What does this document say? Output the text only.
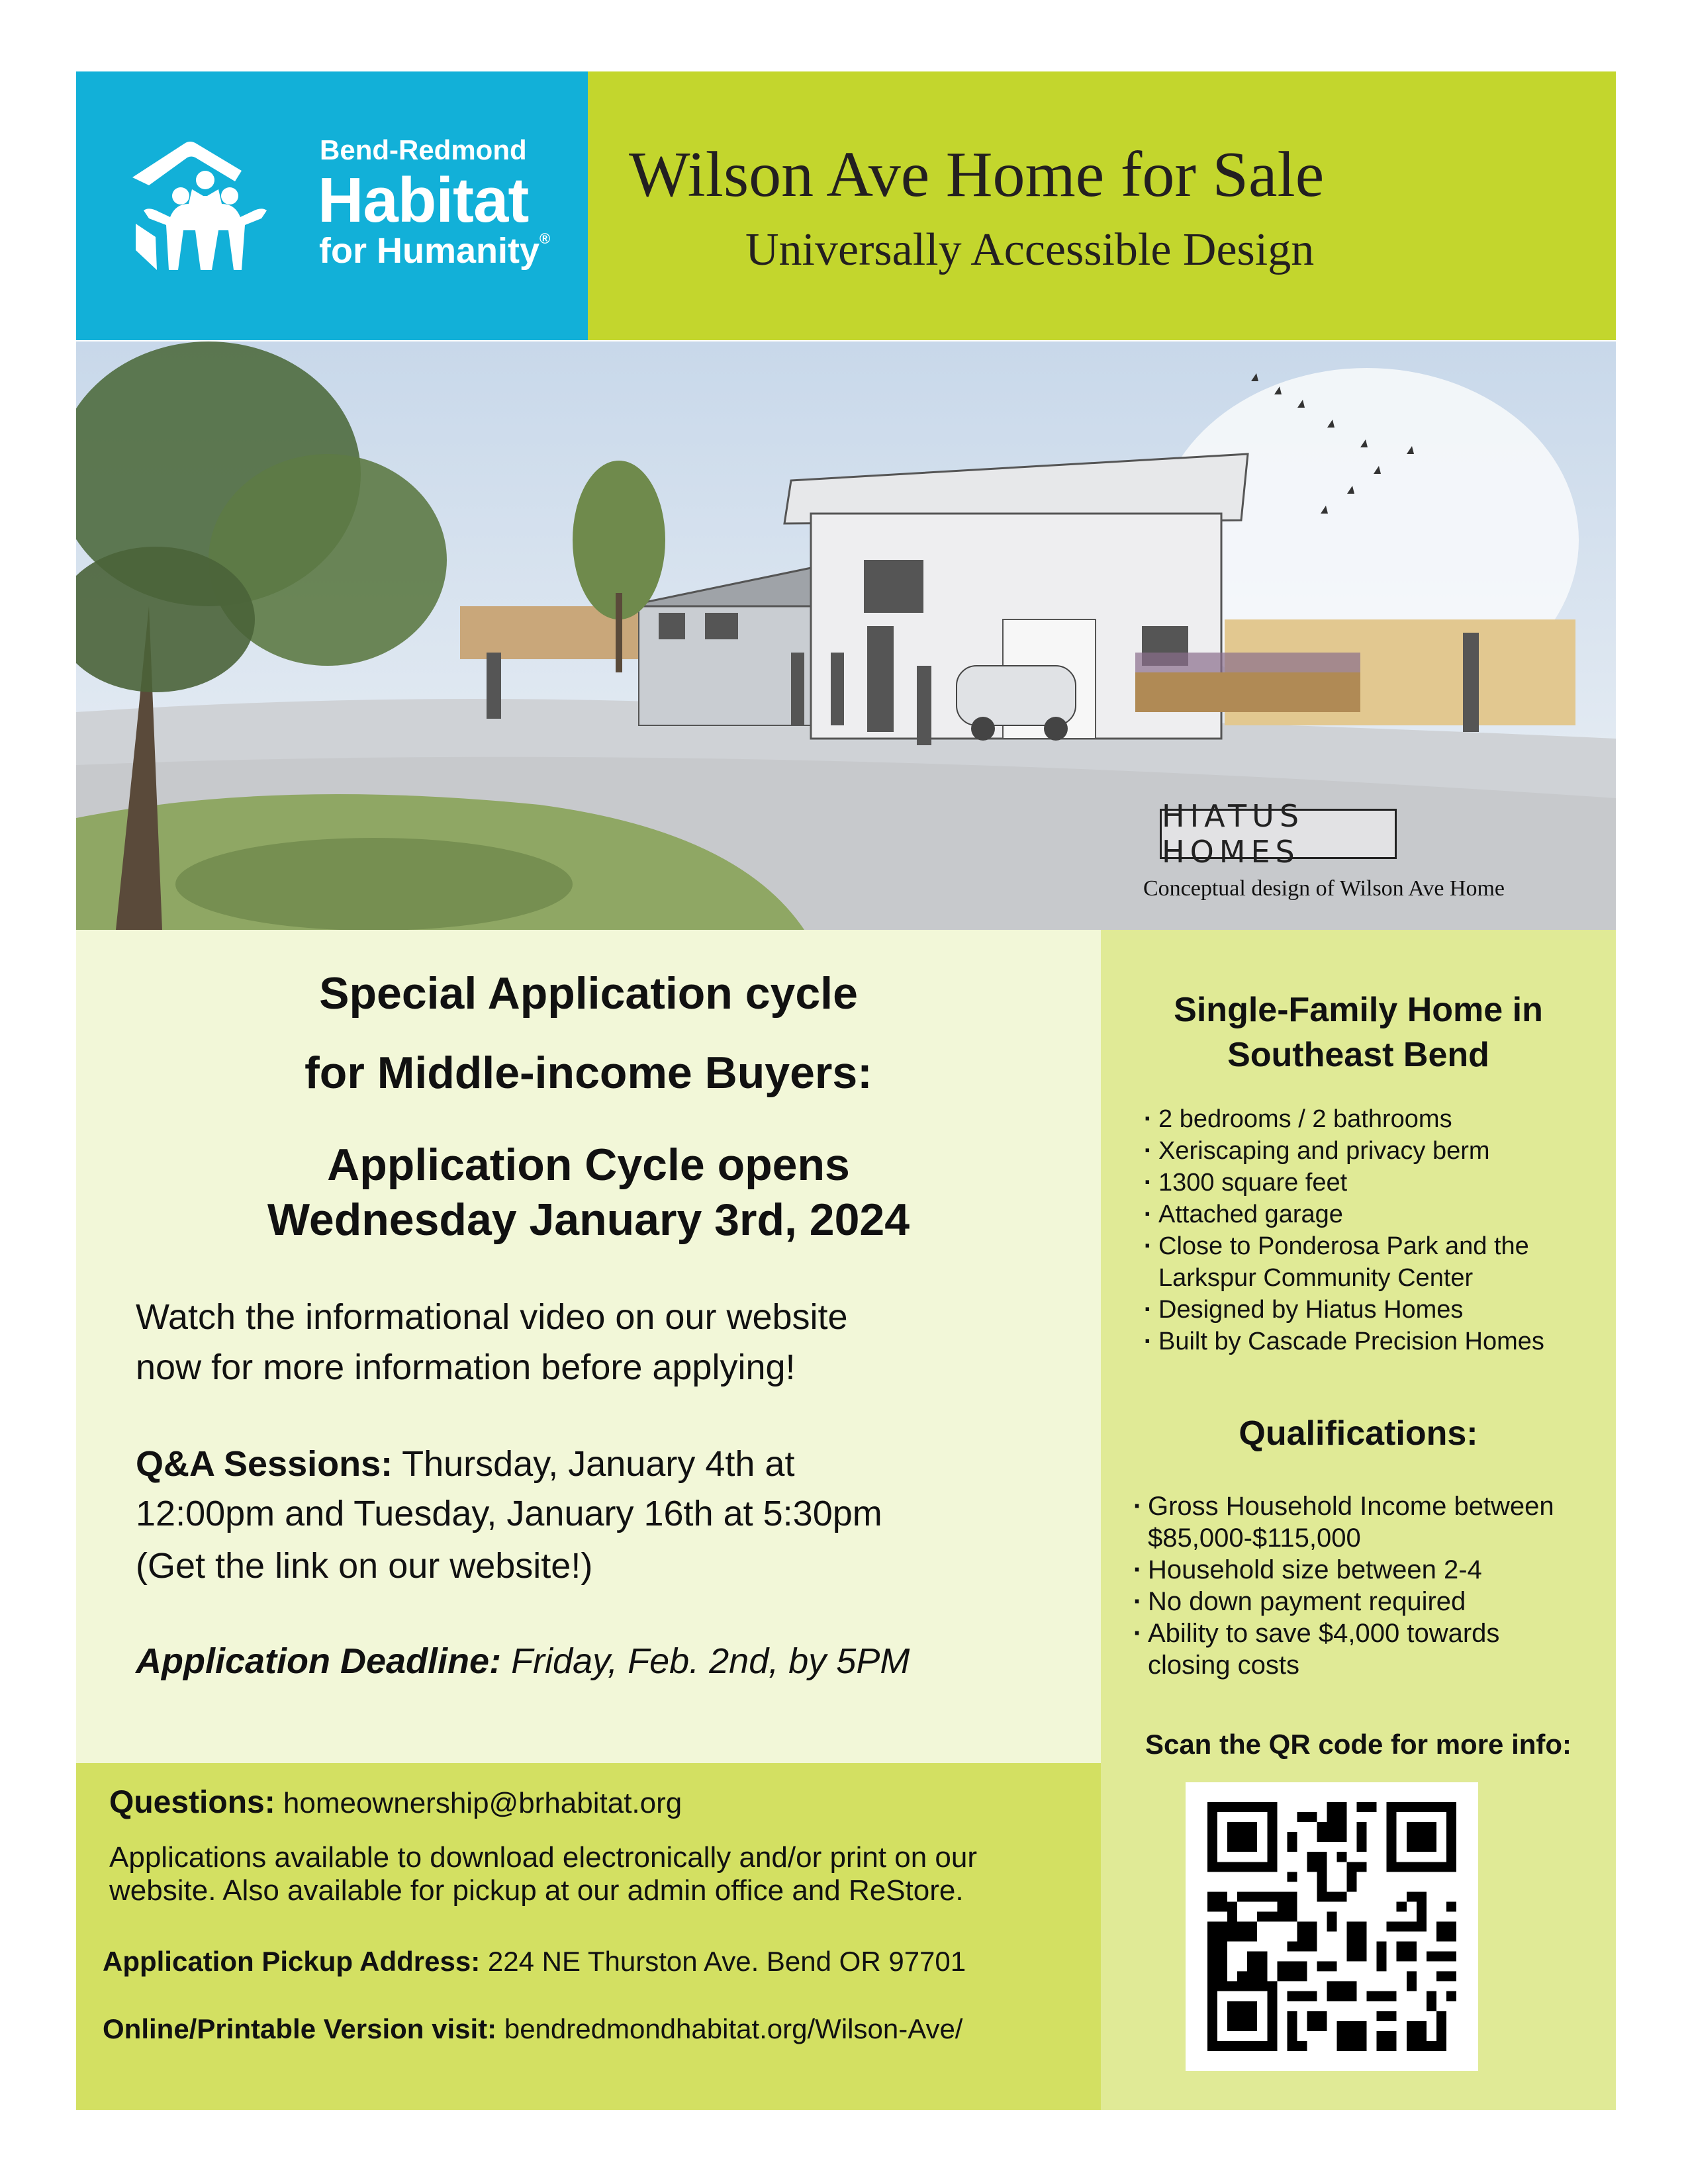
Bend-Redmond
Habitat
for Humanity®
Wilson Ave Home for Sale
Universally Accessible Design
HIATUS HOMES
Conceptual design of Wilson Ave Home
Special Application cycle
for Middle-income Buyers:
Application Cycle opens
Wednesday January 3rd, 2024
Watch the informational video on our website
now for more information before applying!
Q&A Sessions: Thursday, January 4th at
12:00pm and Tuesday, January 16th at 5:30pm
(Get the link on our website!)
Application Deadline: Friday, Feb. 2nd, by 5PM
Questions: homeownership@brhabitat.org
Applications available to download electronically and/or print on our
website. Also available for pickup at our admin office and ReStore.
Application Pickup Address: 224 NE Thurston Ave. Bend OR 97701
Online/Printable Version visit: bendredmondhabitat.org/Wilson-Ave/
Single-Family Home in
Southeast Bend
· 2 bedrooms / 2 bathrooms
· Xeriscaping and privacy berm
· 1300 square feet
· Attached garage
· Close to Ponderosa Park and the
Larkspur Community Center
· Designed by Hiatus Homes
· Built by Cascade Precision Homes
Qualifications:
· Gross Household Income between
$85,000-$115,000
· Household size between 2-4
· No down payment required
· Ability to save $4,000 towards
closing costs
Scan the QR code for more info:
